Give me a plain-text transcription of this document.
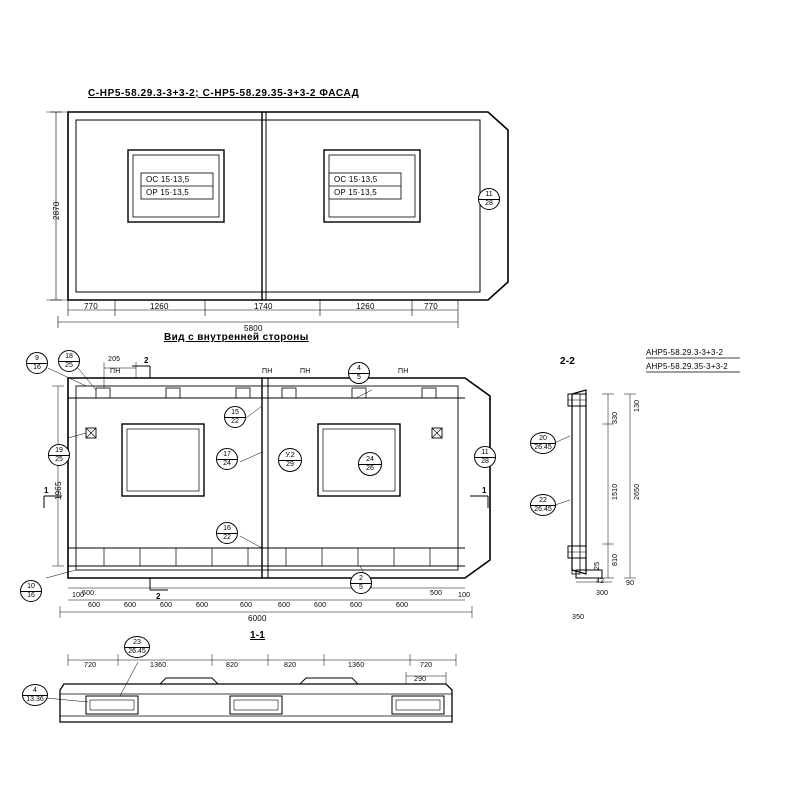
С-НР5-58.29.3-3+3-2; С-НР5-58.29.35-3+3-2 ФАСАД
ОС 15·13,5
ОР 15·13,5
ОС 15·13,5
ОР 15·13,5
2870
770	1260	1740	1260	770
5800
11
28
Вид с внутренней стороны
205	2
2
1	1
ПН	ПН	ПН	ПН
1965
100	100
500	500
600	600	600	600	600	600	600	600	600
6000
9
16
18
25
19
25
15
22
17
24
4
5
У.2
29
24
26
16
22
2
5
10
16
11
28
2-2
АНР5-58.29.3-3+3-2
АНР5-58.29.35-3+3-2
330
130
1510 2650
810
90
25
42
300
350
20
26.45
22
26.45
1-1
720	1360	820	820	1360	720
290
23
26.45
4
13.36
